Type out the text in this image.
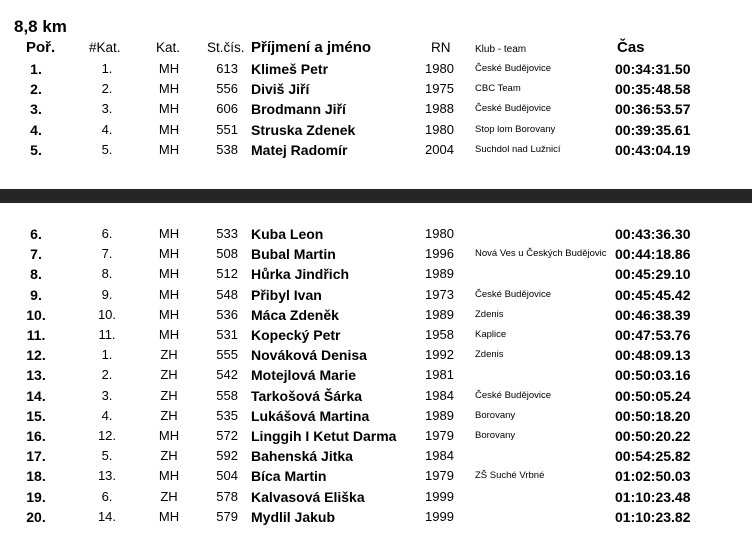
8,8 km
Poř.	#Kat.	Kat. St.čís. Příjmení a jméno	RN Klub - team	Čas
1.	1.	MH	613 Klimeš Petr	1980 České Budějovice	00:34:31.50
2.	2.	MH	556 Diviš Jiří	1975 CBC Team	00:35:48.58
3.	3.	MH	606 Brodmann Jiří	1988 České Budějovice	00:36:53.57
4.	4.	MH	551 Struska Zdenek	1980 Stop lom Borovany	00:39:35.61
5.	5.	MH	538 Matej Radomír	2004 Suchdol nad Lužnicí	00:43:04.19
6.	6.	MH	533 Kuba Leon	1980	00:43:36.30
7.	7.	MH	508 Bubal Martin	1996 Nová Ves u Českých Budějovic 00:44:18.86
8.	8.	MH	512 Hůrka Jindřich	1989	00:45:29.10
9.	9.	MH	548 Přibyl Ivan	1973 České Budějovice	00:45:45.42
10.	10.	MH	536 Máca Zdeněk	1989 Zdenis	00:46:38.39
11.	11.	MH	531 Kopecký Petr	1958 Kaplice	00:47:53.76
12.	1.	ZH	555 Nováková Denisa	1992 Zdenis	00:48:09.13
13.	2.	ZH	542 Motejlová Marie	1981	00:50:03.16
14.	3.	ZH	558 Tarkošová Šárka	1984 České Budějovice	00:50:05.24
15.	4.	ZH	535 Lukášová Martina	1989 Borovany	00:50:18.20
16.	12.	MH	572 Linggih I Ketut Darma 1979 Borovany	00:50:20.22
17.	5.	ZH	592 Bahenská Jitka	1984	00:54:25.82
18.	13.	MH	504 Bíca Martin	1979 ZŠ Suché Vrbné	01:02:50.03
19.	6.	ZH	578 Kalvasová Eliška	1999	01:10:23.48
20.	14.	MH	579 Mydlil Jakub	1999	01:10:23.82
